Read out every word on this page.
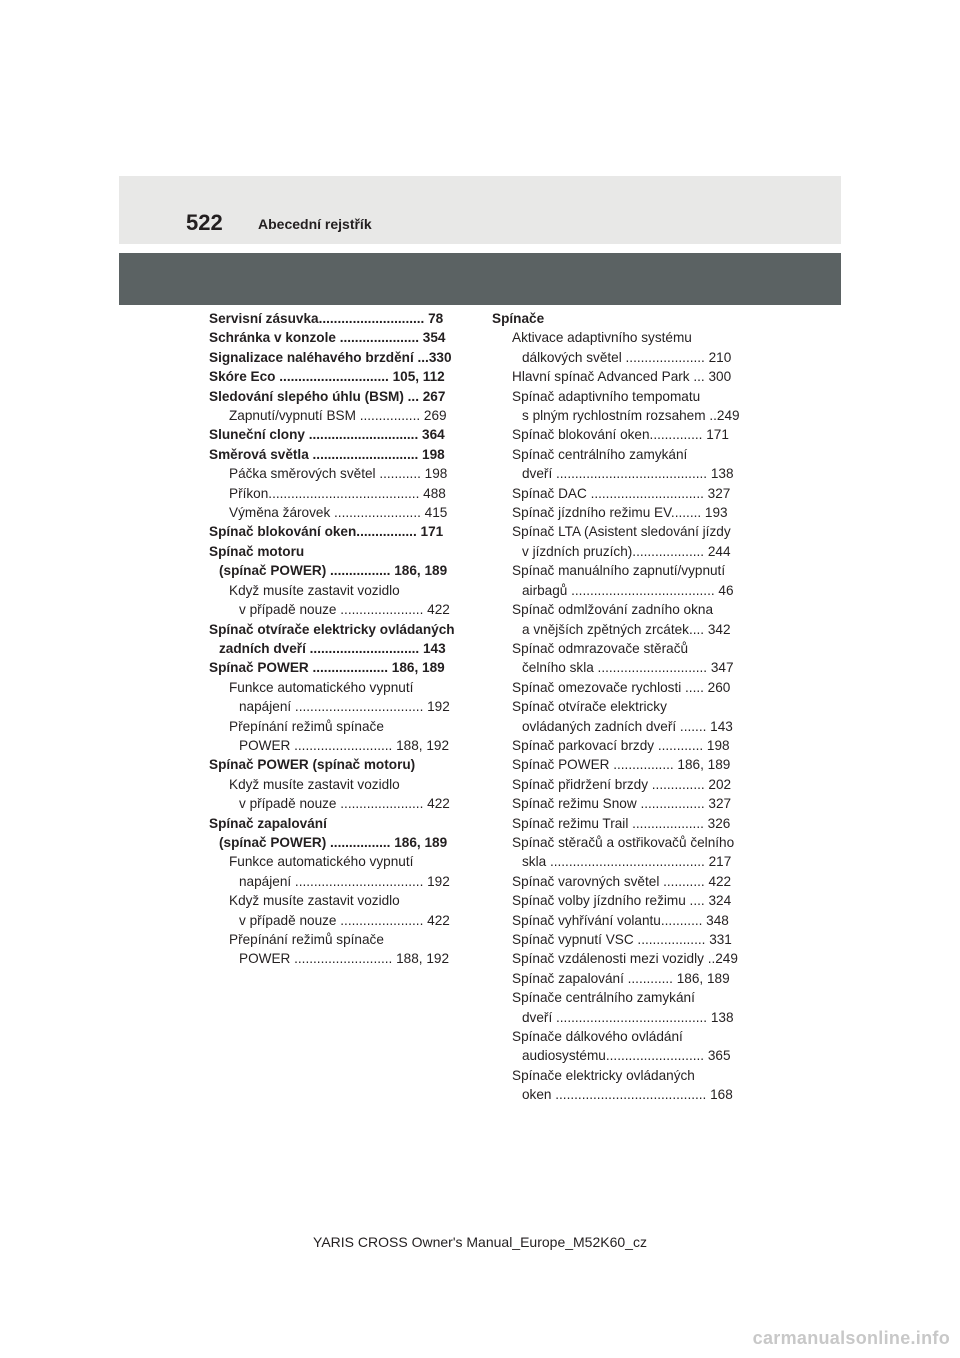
522	Abecední rejstřík
Servisní zásuvka............................ 78
Schránka v konzole ..................... 354
Signalizace naléhavého brzdění ...330
Skóre Eco ............................. 105, 112
Sledování slepého úhlu (BSM) ... 267
Zapnutí/vypnutí BSM ................ 269
Sluneční clony ............................. 364
Směrová světla ............................ 198
Páčka směrových světel ........... 198
Příkon........................................ 488
Výměna žárovek ....................... 415
Spínač blokování oken................ 171
Spínač motoru
(spínač POWER) ................ 186, 189
Když musíte zastavit vozidlo
v případě nouze ...................... 422
Spínač otvírače elektricky ovládaných
zadních dveří ............................. 143
Spínač POWER .................... 186, 189
Funkce automatického vypnutí
napájení .................................. 192
Přepínání režimů spínače
POWER .......................... 188, 192
Spínač POWER (spínač motoru)
Když musíte zastavit vozidlo
v případě nouze ...................... 422
Spínač zapalování
(spínač POWER) ................ 186, 189
Funkce automatického vypnutí
napájení .................................. 192
Když musíte zastavit vozidlo
v případě nouze ...................... 422
Přepínání režimů spínače
POWER .......................... 188, 192
Spínače
Aktivace adaptivního systému
dálkových světel ..................... 210
Hlavní spínač Advanced Park ... 300
Spínač adaptivního tempomatu
s plným rychlostním rozsahem ..249
Spínač blokování oken.............. 171
Spínač centrálního zamykání
dveří ........................................ 138
Spínač DAC .............................. 327
Spínač jízdního režimu EV........ 193
Spínač LTA (Asistent sledování jízdy
v jízdních pruzích)................... 244
Spínač manuálního zapnutí/vypnutí
airbagů ...................................... 46
Spínač odmlžování zadního okna
a vnějších zpětných zrcátek.... 342
Spínač odmrazovače stěračů
čelního skla ............................. 347
Spínač omezovače rychlosti ..... 260
Spínač otvírače elektricky
ovládaných zadních dveří ....... 143
Spínač parkovací brzdy ............ 198
Spínač POWER ................ 186, 189
Spínač přidržení brzdy .............. 202
Spínač režimu Snow ................. 327
Spínač režimu Trail ................... 326
Spínač stěračů a ostřikovačů čelního
skla ......................................... 217
Spínač varovných světel ........... 422
Spínač volby jízdního režimu .... 324
Spínač vyhřívání volantu........... 348
Spínač vypnutí VSC .................. 331
Spínač vzdálenosti mezi vozidly ..249
Spínač zapalování ............ 186, 189
Spínače centrálního zamykání
dveří ........................................ 138
Spínače dálkového ovládání
audiosystému.......................... 365
Spínače elektricky ovládaných
oken ........................................ 168
YARIS CROSS Owner's Manual_Europe_M52K60_cz
carmanualsonline.info
